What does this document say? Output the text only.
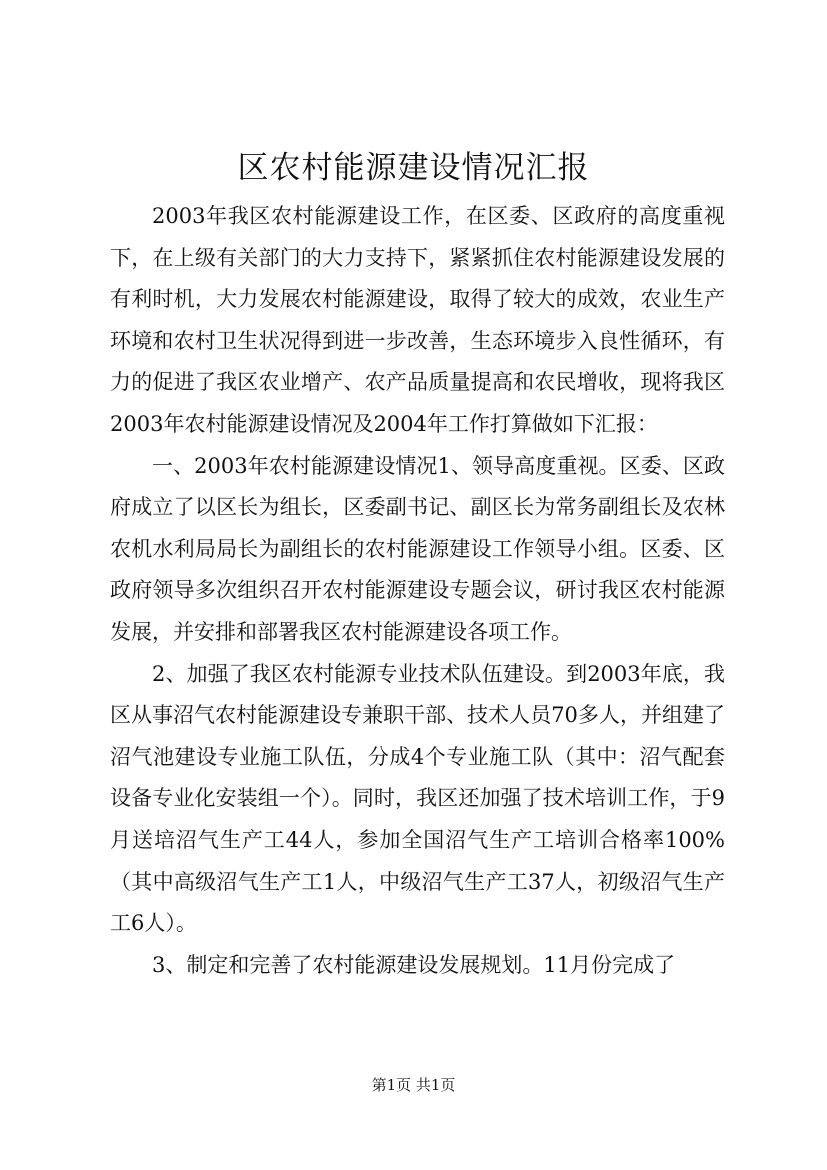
区农村能源建设情况汇报

2003年我区农村能源建设工作，在区委、区政府的高度重视下，在上级有关部门的大力支持下，紧紧抓住农村能源建设发展的有利时机，大力发展农村能源建设，取得了较大的成效，农业生产环境和农村卫生状况得到进一步改善，生态环境步入良性循环，有力的促进了我区农业增产、农产品质量提高和农民增收，现将我区2003年农村能源建设情况及2004年工作打算做如下汇报：

一、2003年农村能源建设情况1、领导高度重视。区委、区政府成立了以区长为组长，区委副书记、副区长为常务副组长及农林农机水利局局长为副组长的农村能源建设工作领导小组。区委、区政府领导多次组织召开农村能源建设专题会议，研讨我区农村能源发展，并安排和部署我区农村能源建设各项工作。

2、加强了我区农村能源专业技术队伍建设。到2003年底，我区从事沼气农村能源建设专兼职干部、技术人员70多人，并组建了沼气池建设专业施工队伍，分成4个专业施工队（其中：沼气配套设备专业化安装组一个）。同时，我区还加强了技术培训工作，于9月送培沼气生产工44人，参加全国沼气生产工培训合格率100%（其中高级沼气生产工1人，中级沼气生产工37人，初级沼气生产工6人）。

3、制定和完善了农村能源建设发展规划。11月份完成了

第1页 共1页
